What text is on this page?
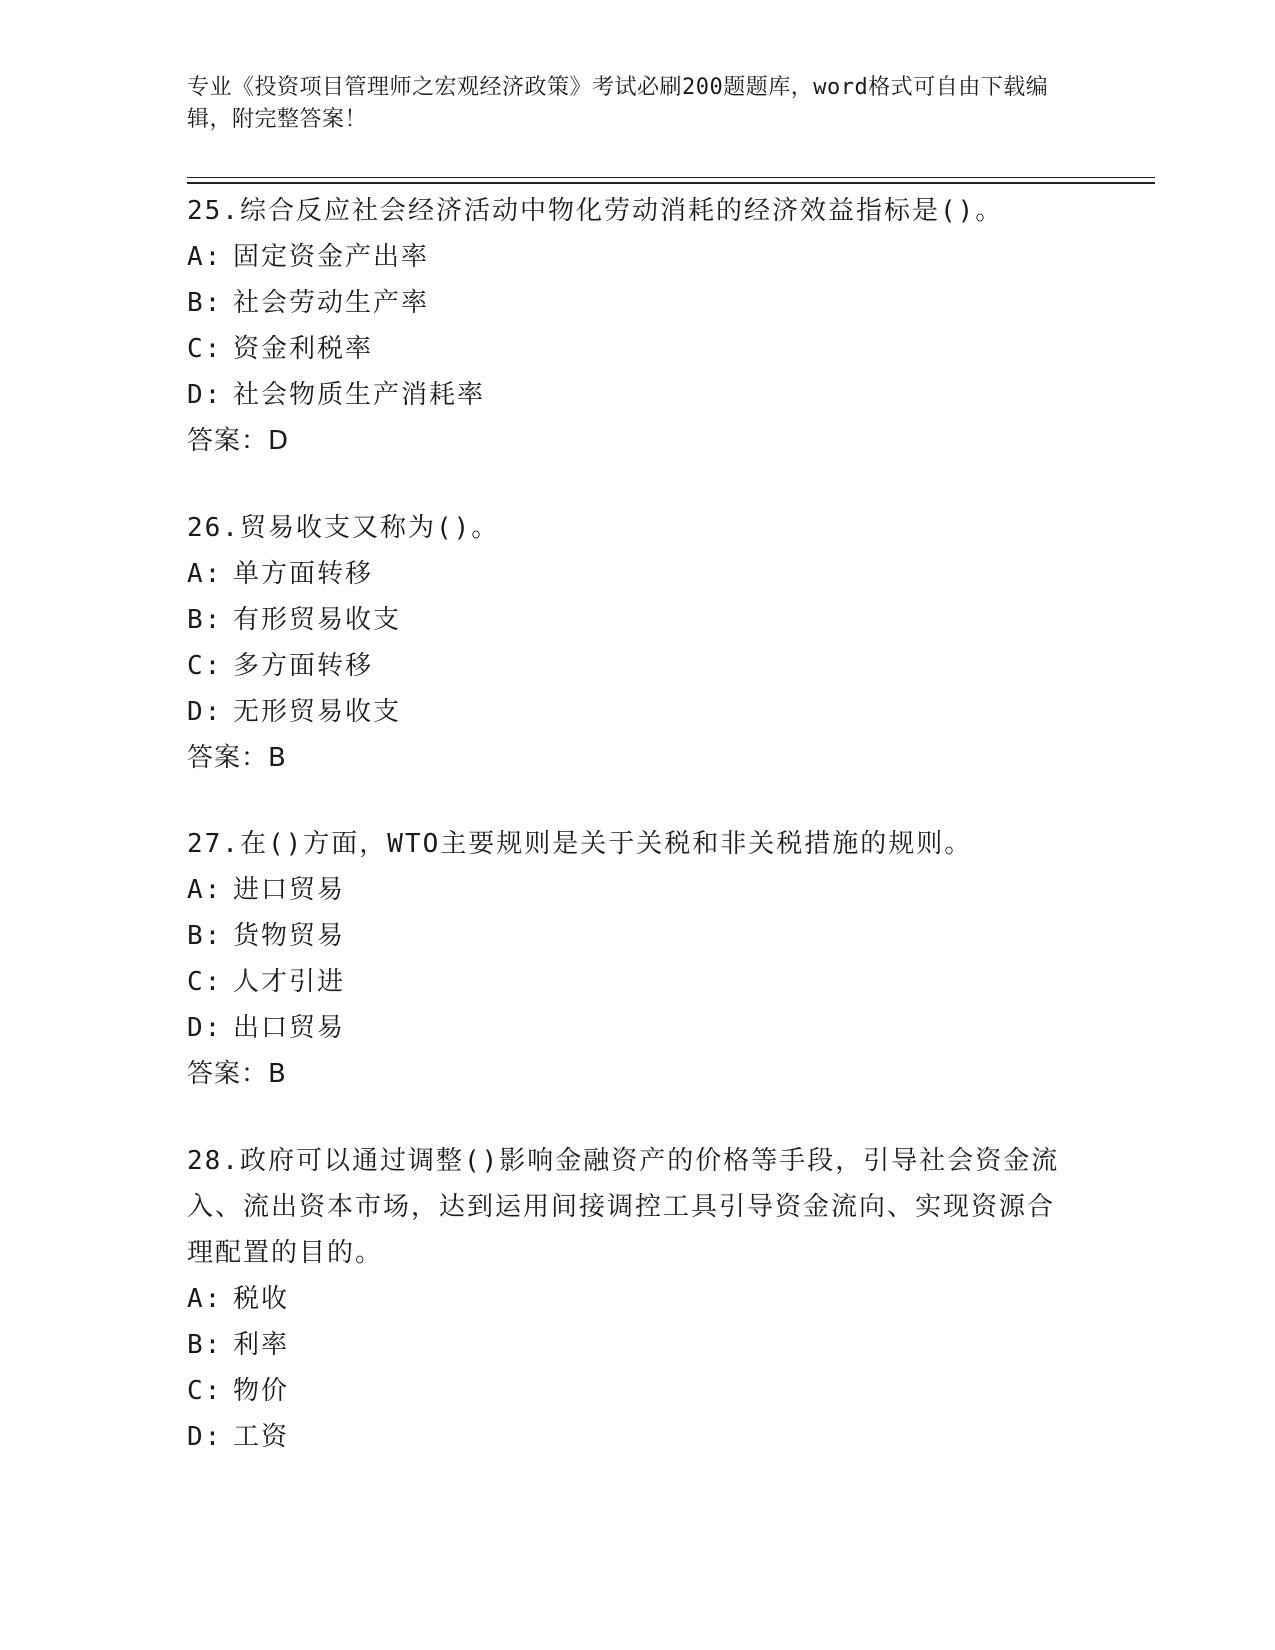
专业《投资项目管理师之宏观经济政策》考试必刷200题题库，word格式可自由下载编辑，附完整答案！
25.综合反应社会经济活动中物化劳动消耗的经济效益指标是()。
A: 固定资金产出率
B: 社会劳动生产率
C: 资金利税率
D: 社会物质生产消耗率
答案：D
26.贸易收支又称为()。
A: 单方面转移
B: 有形贸易收支
C: 多方面转移
D: 无形贸易收支
答案：B
27.在()方面，WTO主要规则是关于关税和非关税措施的规则。
A: 进口贸易
B: 货物贸易
C: 人才引进
D: 出口贸易
答案：B
28.政府可以通过调整()影响金融资产的价格等手段，引导社会资金流入、流出资本市场，达到运用间接调控工具引导资金流向、实现资源合理配置的目的。
A: 税收
B: 利率
C: 物价
D: 工资
